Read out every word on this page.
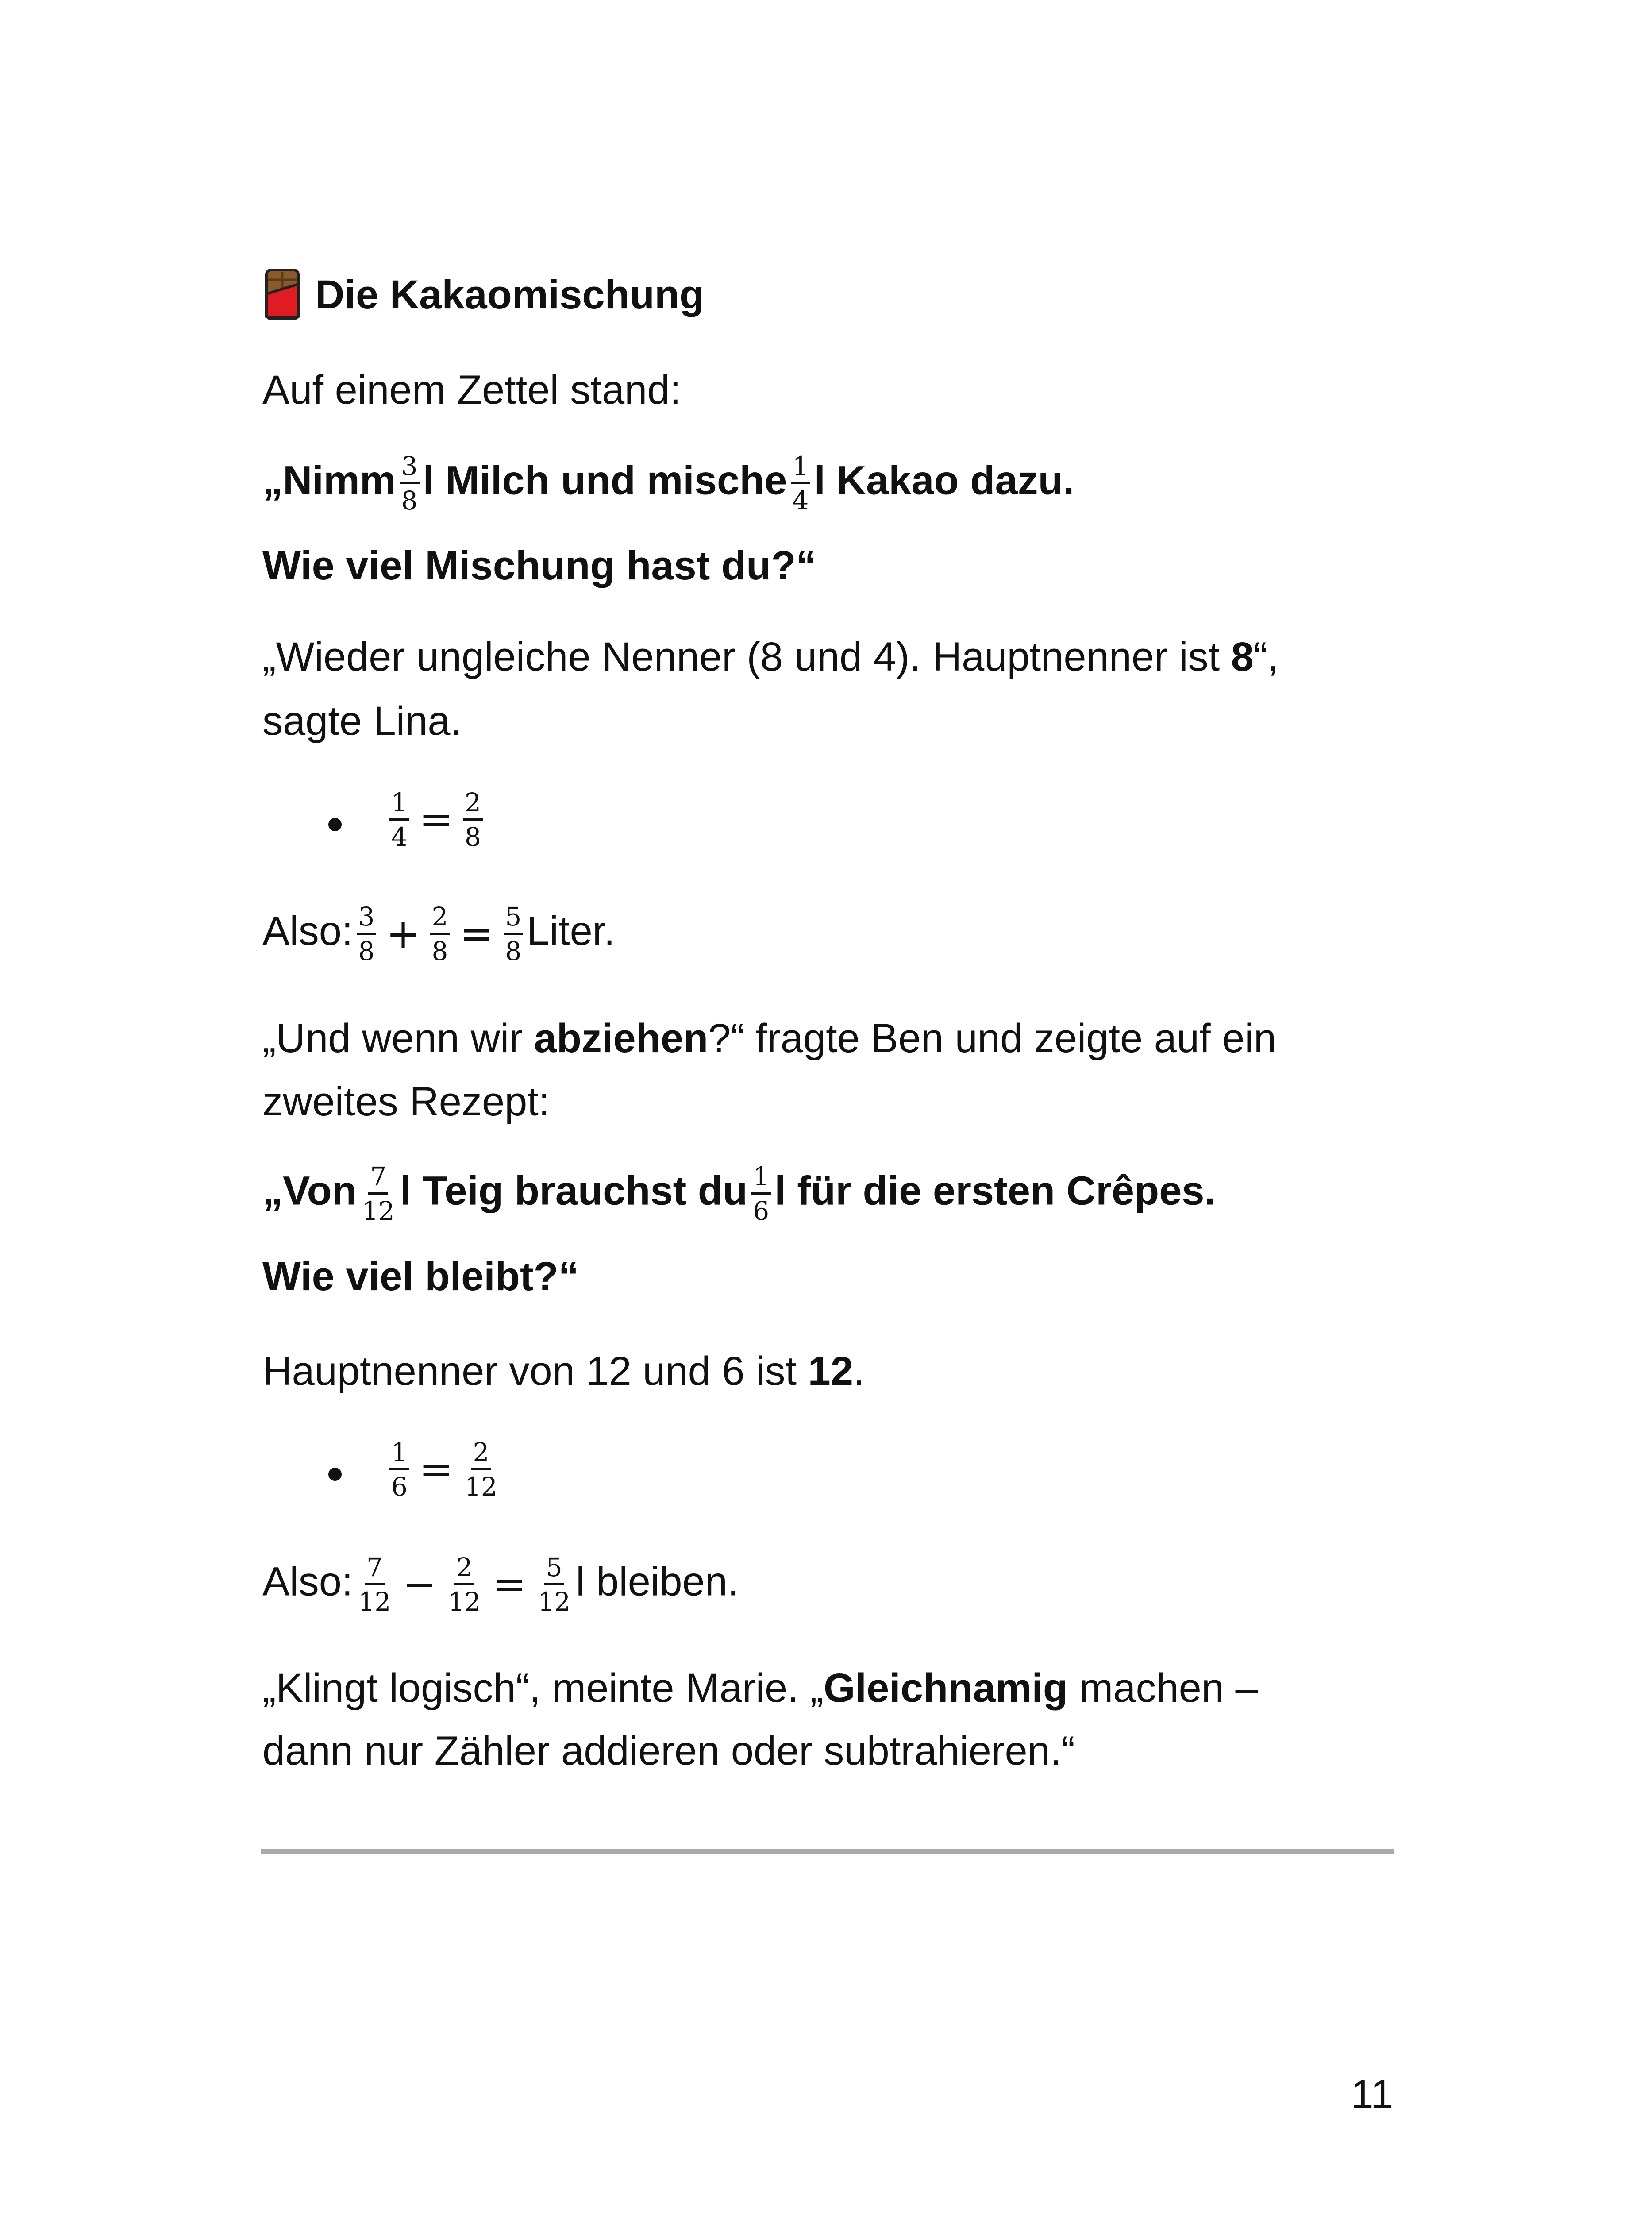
Die Kakaomischung
Auf einem Zettel stand:
„Nimm $\frac{3}{8}$ l Milch und mische $\frac{1}{4}$ l Kakao dazu.
Wie viel Mischung hast du?“
„Wieder ungleiche Nenner (8 und 4). Hauptnenner ist 8“,
sagte Lina.
$\frac{1}{4} = \frac{2}{8}$
Also: $\frac{3}{8} + \frac{2}{8} = \frac{5}{8}$ Liter.
„Und wenn wir abziehen?“ fragte Ben und zeigte auf ein
zweites Rezept:
„Von $\frac{7}{12}$ l Teig brauchst du $\frac{1}{6}$ l für die ersten Crêpes.
Wie viel bleibt?“
Hauptnenner von 12 und 6 ist 12.
$\frac{1}{6} = \frac{2}{12}$
Also: $\frac{7}{12} - \frac{2}{12} = \frac{5}{12}$ l bleiben.
„Klingt logisch“, meinte Marie. „Gleichnamig machen –
dann nur Zähler addieren oder subtrahieren.“
11
